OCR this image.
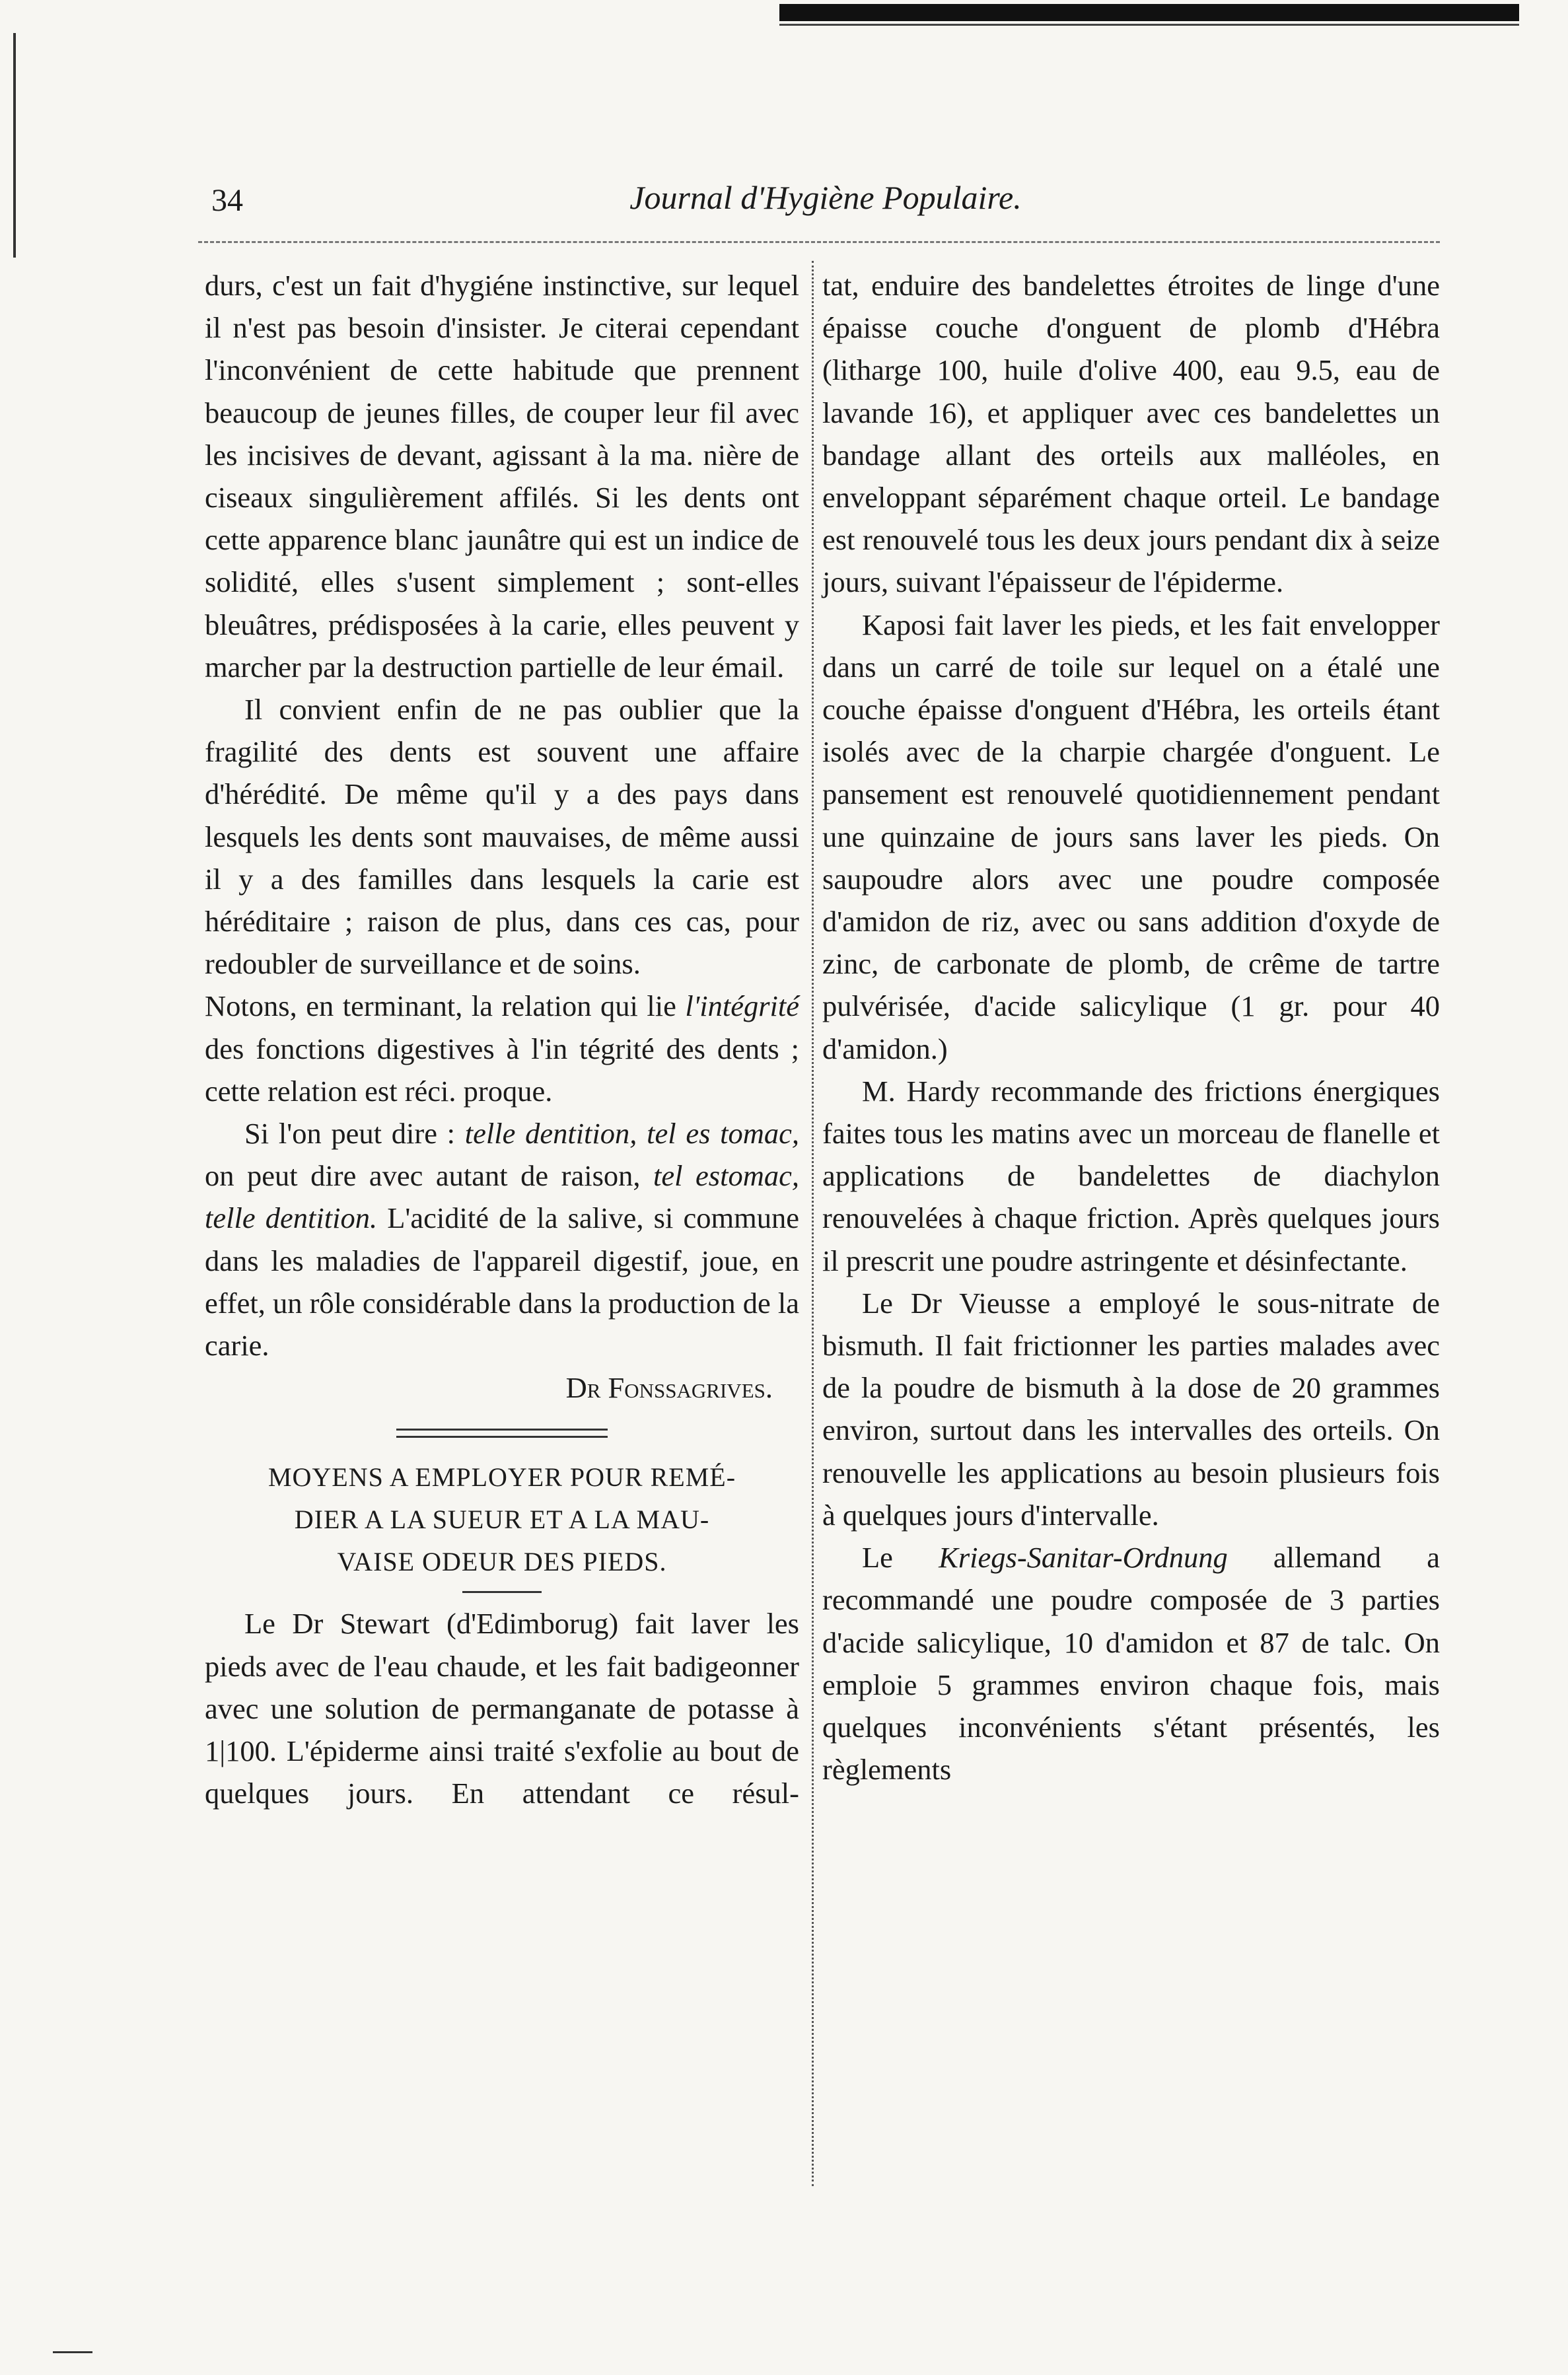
34	Journal d'Hygiène Populaire.

durs, c'est un fait d'hygiéne instinctive, sur lequel il n'est pas besoin d'insister. Je citerai cependant l'inconvénient de cette habitude que prennent beaucoup de jeunes filles, de couper leur fil avec les incisives de devant, agissant à la ma. nière de ciseaux singulièrement affilés. Si les dents ont cette apparence blanc jaunâtre qui est un indice de solidité, elles s'usent simplement ; sont-elles bleuâtres, prédisposées à la carie, elles peuvent y marcher par la destruction partielle de leur émail.

Il convient enfin de ne pas oublier que la fragilité des dents est souvent une affaire d'hérédité. De même qu'il y a des pays dans lesquels les dents sont mauvaises, de même aussi il y a des familles dans lesquels la carie est héréditaire ; raison de plus, dans ces cas, pour redoubler de surveillance et de soins.

Notons, en terminant, la relation qui lie l'intégrité des fonctions digestives à l'in tégrité des dents ; cette relation est réci. proque.

Si l'on peut dire : telle dentition, tel es tomac, on peut dire avec autant de raison, tel estomac, telle dentition. L'acidité de la salive, si commune dans les maladies de l'appareil digestif, joue, en effet, un rôle considérable dans la production de la carie.

Dr Fonssagrives.

MOYENS A EMPLOYER POUR REMÉ-

DIER A LA SUEUR ET A LA MAU-

VAISE ODEUR DES PIEDS.

Le Dr Stewart (d'Edimborug) fait laver les pieds avec de l'eau chaude, et les fait badigeonner avec une solution de permanganate de potasse à 1|100. L'épiderme ainsi traité s'exfolie au bout de quelques jours. En attendant ce résul-

tat, enduire des bandelettes étroites de linge d'une épaisse couche d'onguent de plomb d'Hébra (litharge 100, huile d'olive 400, eau 9.5, eau de lavande 16), et appliquer avec ces bandelettes un bandage allant des orteils aux malléoles, en enveloppant séparément chaque orteil. Le bandage est renouvelé tous les deux jours pendant dix à seize jours, suivant l'épaisseur de l'épiderme.

Kaposi fait laver les pieds, et les fait envelopper dans un carré de toile sur lequel on a étalé une couche épaisse d'onguent d'Hébra, les orteils étant isolés avec de la charpie chargée d'onguent. Le pansement est renouvelé quotidiennement pendant une quinzaine de jours sans laver les pieds. On saupoudre alors avec une poudre composée d'amidon de riz, avec ou sans addition d'oxyde de zinc, de carbonate de plomb, de crême de tartre pulvérisée, d'acide salicylique (1 gr. pour 40 d'amidon.)

M. Hardy recommande des frictions énergiques faites tous les matins avec un morceau de flanelle et applications de bandelettes de diachylon renouvelées à chaque friction. Après quelques jours il prescrit une poudre astringente et désinfectante.

Le Dr Vieusse a employé le sous-nitrate de bismuth. Il fait frictionner les parties malades avec de la poudre de bismuth à la dose de 20 grammes environ, surtout dans les intervalles des orteils. On renouvelle les applications au besoin plusieurs fois à quelques jours d'intervalle.

Le Kriegs-Sanitar-Ordnung allemand a recommandé une poudre composée de 3 parties d'acide salicylique, 10 d'amidon et 87 de talc. On emploie 5 grammes environ chaque fois, mais quelques inconvénients s'étant présentés, les règlements
